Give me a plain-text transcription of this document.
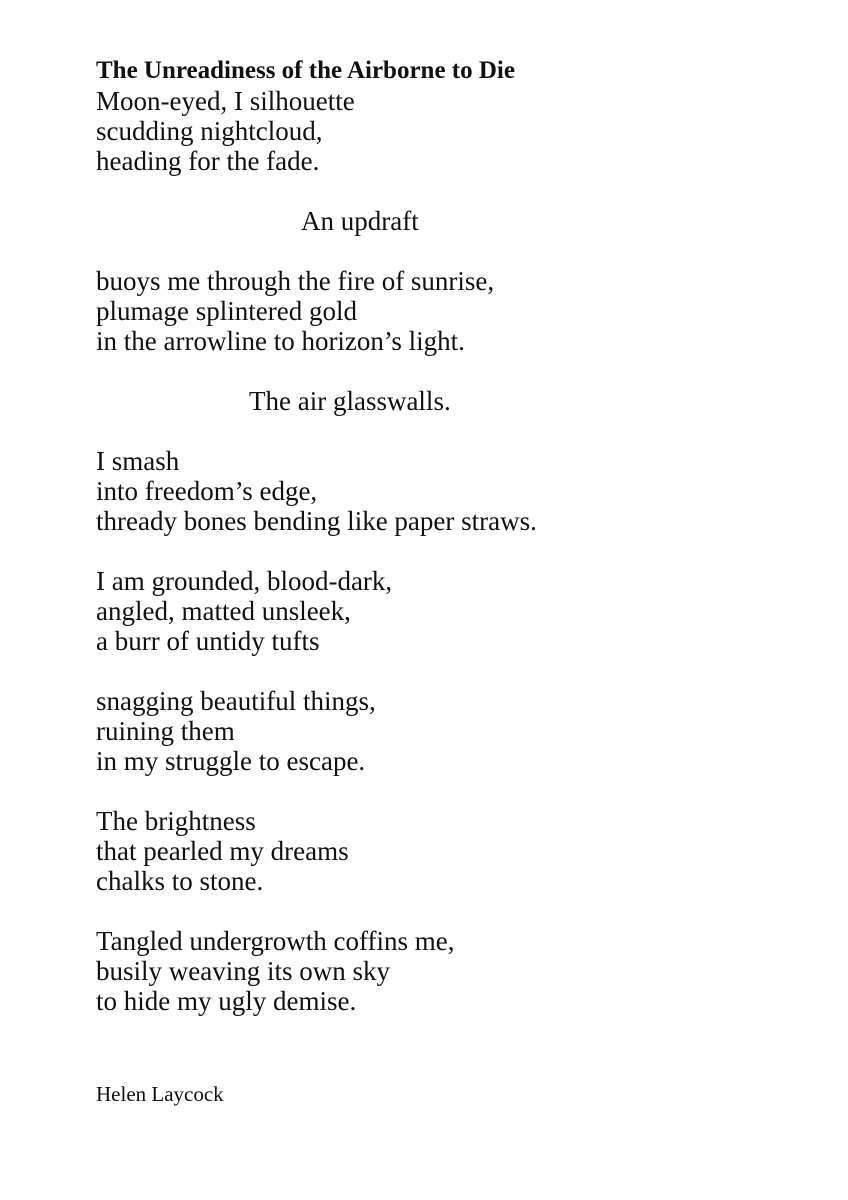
The Unreadiness of the Airborne to Die
Moon-eyed, I silhouette
scudding nightcloud,
heading for the fade.
An updraft
buoys me through the fire of sunrise,
plumage splintered gold
in the arrowline to horizon’s light.
The air glasswalls.
I smash
into freedom’s edge,
thready bones bending like paper straws.
I am grounded, blood-dark,
angled, matted unsleek,
a burr of untidy tufts
snagging beautiful things,
ruining them
in my struggle to escape.
The brightness
that pearled my dreams
chalks to stone.
Tangled undergrowth coffins me,
busily weaving its own sky
to hide my ugly demise.
Helen Laycock
